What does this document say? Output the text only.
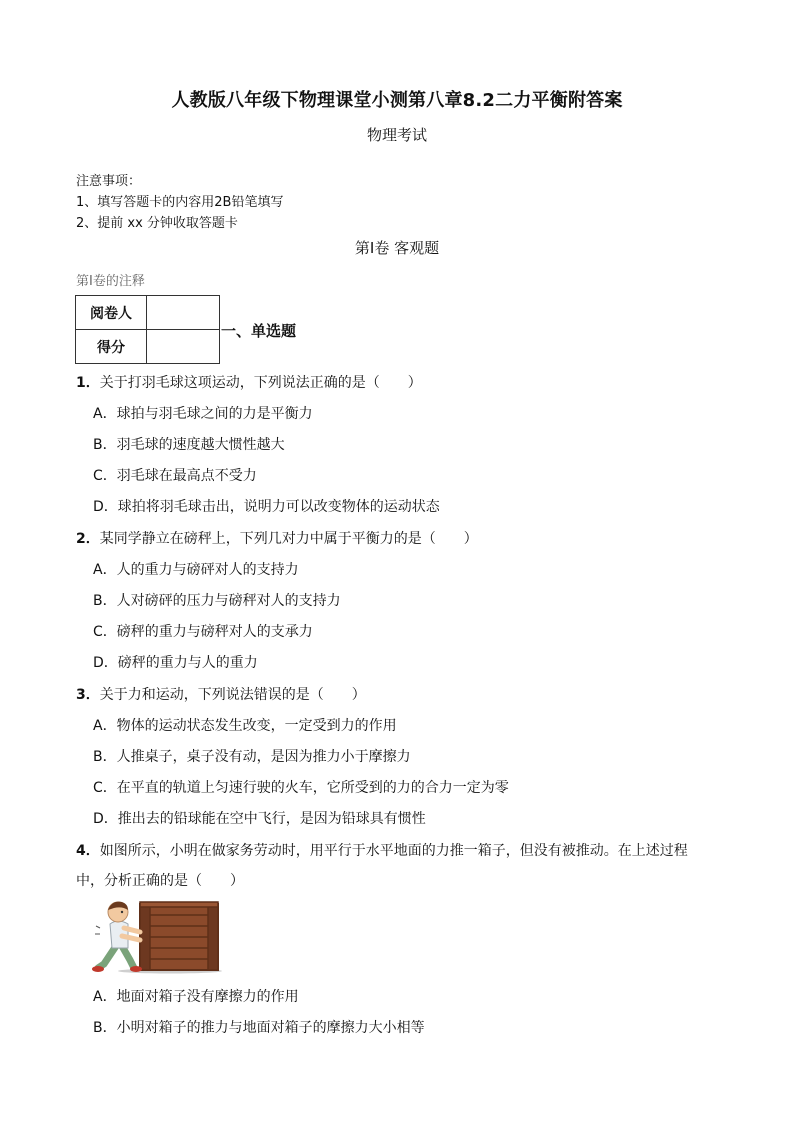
人教版八年级下物理课堂小测第八章8.2二力平衡附答案
物理考试
注意事项：
1、填写答题卡的内容用2B铅笔填写
2、提前 xx 分钟收取答题卡
第Ⅰ卷 客观题
第Ⅰ卷的注释
阅卷人	
得分	
一、单选题
1．关于打羽毛球这项运动，下列说法正确的是（　　）
A．球拍与羽毛球之间的力是平衡力
B．羽毛球的速度越大惯性越大
C．羽毛球在最高点不受力
D．球拍将羽毛球击出，说明力可以改变物体的运动状态
2．某同学静立在磅秤上，下列几对力中属于平衡力的是（　　）
A．人的重力与磅砰对人的支持力
B．人对磅砰的压力与磅秤对人的支持力
C．磅秤的重力与磅秤对人的支承力
D．磅秤的重力与人的重力
3．关于力和运动，下列说法错误的是（　　）
A．物体的运动状态发生改变，一定受到力的作用
B．人推桌子，桌子没有动，是因为推力小于摩擦力
C．在平直的轨道上匀速行驶的火车，它所受到的力的合力一定为零
D．推出去的铅球能在空中飞行，是因为铅球具有惯性
4．如图所示，小明在做家务劳动时，用平行于水平地面的力推一箱子，但没有被推动。在上述过程
中，分析正确的是（　　）
A．地面对箱子没有摩擦力的作用
B．小明对箱子的推力与地面对箱子的摩擦力大小相等
